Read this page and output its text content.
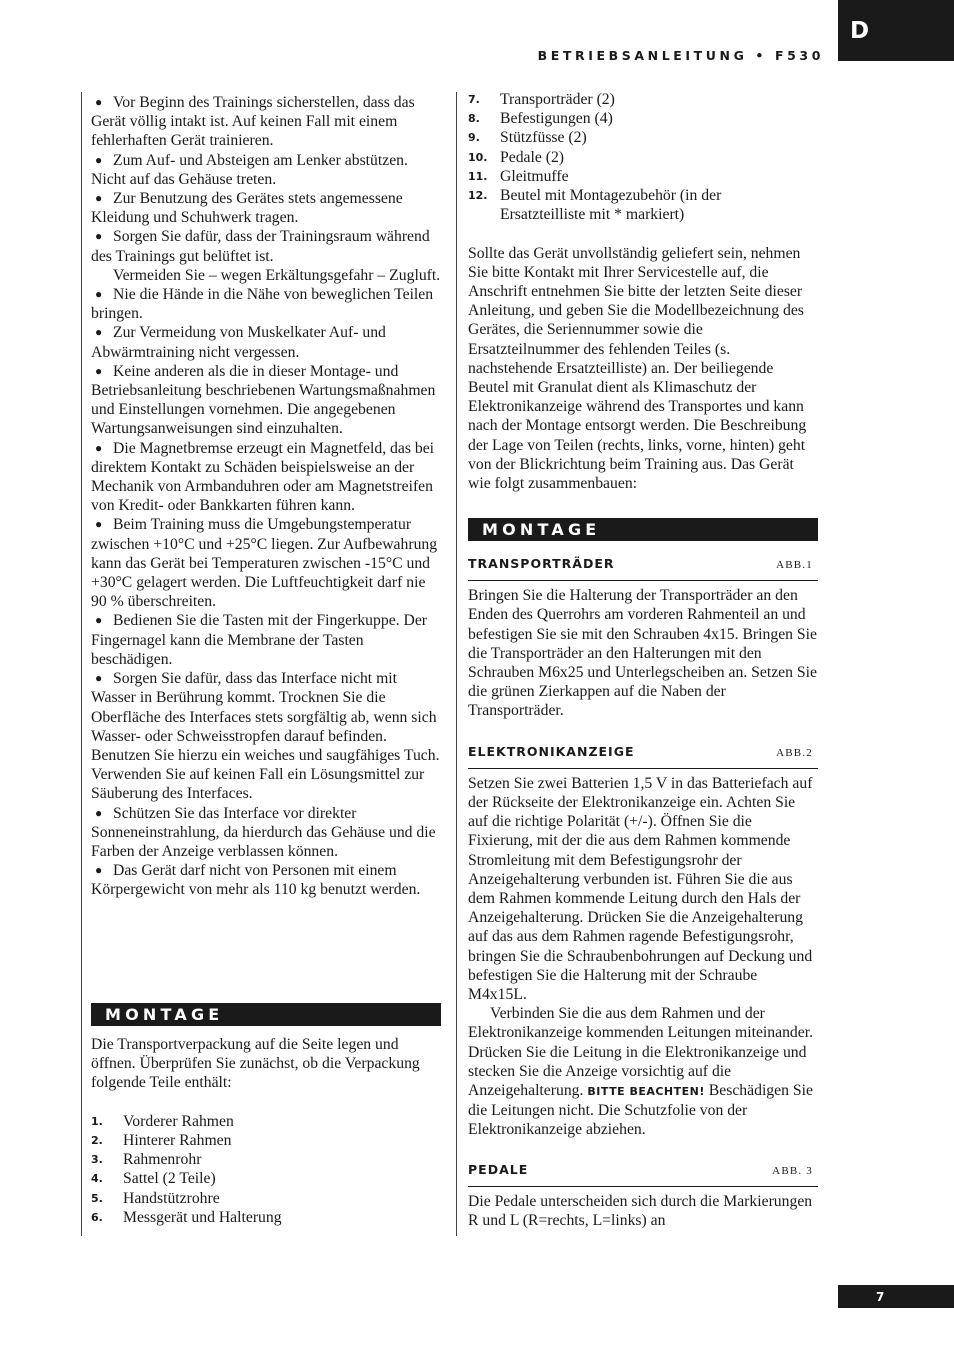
BETRIEBSANLEITUNG • F530
D

● Vor Beginn des Trainings sicherstellen, dass das Gerät völlig intakt ist. Auf keinen Fall mit einem fehlerhaften Gerät trainieren.

● Zum Auf- und Absteigen am Lenker abstützen. Nicht auf das Gehäuse treten.

● Zur Benutzung des Gerätes stets angemessene Kleidung und Schuhwerk tragen.

● Sorgen Sie dafür, dass der Trainingsraum während des Trainings gut belüftet ist.

Vermeiden Sie – wegen Erkältungsgefahr – Zugluft.

● Nie die Hände in die Nähe von beweglichen Teilen bringen.

● Zur Vermeidung von Muskelkater Auf- und Abwärmtraining nicht vergessen.

● Keine anderen als die in dieser Montage- und Betriebsanleitung beschriebenen Wartungsmaßnahmen und Einstellungen vornehmen. Die angegebenen Wartungsanweisungen sind einzuhalten.

● Die Magnetbremse erzeugt ein Magnetfeld, das bei direktem Kontakt zu Schäden beispielsweise an der Mechanik von Armbanduhren oder am Magnetstreifen von Kredit- oder Bankkarten führen kann.

● Beim Training muss die Umgebungstemperatur zwischen +10°C und +25°C liegen. Zur Aufbewahrung kann das Gerät bei Temperaturen zwischen -15°C und +30°C gelagert werden. Die Luftfeuchtigkeit darf nie 90 % überschreiten.

● Bedienen Sie die Tasten mit der Fingerkuppe. Der Fingernagel kann die Membrane der Tasten beschädigen.

● Sorgen Sie dafür, dass das Interface nicht mit Wasser in Berührung kommt. Trocknen Sie die Oberfläche des Interfaces stets sorgfältig ab, wenn sich Wasser- oder Schweisstropfen darauf befinden. Benutzen Sie hierzu ein weiches und saugfähiges Tuch. Verwenden Sie auf keinen Fall ein Lösungsmittel zur Säuberung des Interfaces.

● Schützen Sie das Interface vor direkter Sonneneinstrahlung, da hierdurch das Gehäuse und die Farben der Anzeige verblassen können.

● Das Gerät darf nicht von Personen mit einem Körpergewicht von mehr als 110 kg benutzt werden.

MONTAGE

Die Transportverpackung auf die Seite legen und öffnen. Überprüfen Sie zunächst, ob die Verpackung folgende Teile enthält:

1.	Vorderer Rahmen
2.	Hinterer Rahmen
3.	Rahmenrohr
4.	Sattel (2 Teile)
5.	Handstützrohre
6.	Messgerät und Halterung
7.	Transporträder (2)
8.	Befestigungen (4)
9.	Stützfüsse (2)
10. Pedale (2)
11. Gleitmuffe
12. Beutel mit Montagezubehör (in der Ersatzteilliste mit * markiert)

Sollte das Gerät unvollständig geliefert sein, nehmen Sie bitte Kontakt mit Ihrer Servicestelle auf, die Anschrift entnehmen Sie bitte der letzten Seite dieser Anleitung, und geben Sie die Modellbezeichnung des Gerätes, die Seriennummer sowie die Ersatzteilnummer des fehlenden Teiles (s. nachstehende Ersatzteilliste) an. Der beiliegende Beutel mit Granulat dient als Klimaschutz der Elektronikanzeige während des Transportes und kann nach der Montage entsorgt werden. Die Beschreibung der Lage von Teilen (rechts, links, vorne, hinten) geht von der Blickrichtung beim Training aus. Das Gerät wie folgt zusammenbauen:

MONTAGE
TRANSPORTRÄDER	ABB.1

Bringen Sie die Halterung der Transporträder an den Enden des Querrohrs am vorderen Rahmenteil an und befestigen Sie sie mit den Schrauben 4x15. Bringen Sie die Transporträder an den Halterungen mit den Schrauben M6x25 und Unterlegscheiben an. Setzen Sie die grünen Zierkappen auf die Naben der Transporträder.

ELEKTRONIKANZEIGE	ABB.2

Setzen Sie zwei Batterien 1,5 V in das Batteriefach auf der Rückseite der Elektronikanzeige ein. Achten Sie auf die richtige Polarität (+/-). Öffnen Sie die Fixierung, mit der die aus dem Rahmen kommende Stromleitung mit dem Befestigungsrohr der Anzeigehalterung verbunden ist. Führen Sie die aus dem Rahmen kommende Leitung durch den Hals der Anzeigehalterung. Drücken Sie die Anzeigehalterung auf das aus dem Rahmen ragende Befestigungsrohr, bringen Sie die Schraubenbohrungen auf Deckung und befestigen Sie die Halterung mit der Schraube M4x15L.

Verbinden Sie die aus dem Rahmen und der Elektronikanzeige kommenden Leitungen miteinander. Drücken Sie die Leitung in die Elektronikanzeige und stecken Sie die Anzeige vorsichtig auf die Anzeigehalterung. BITTE BEACHTEN! Beschädigen Sie die Leitungen nicht. Die Schutzfolie von der Elektronikanzeige abziehen.

PEDALE	ABB. 3

Die Pedale unterscheiden sich durch die Markierungen R und L (R=rechts, L=links) an

7
